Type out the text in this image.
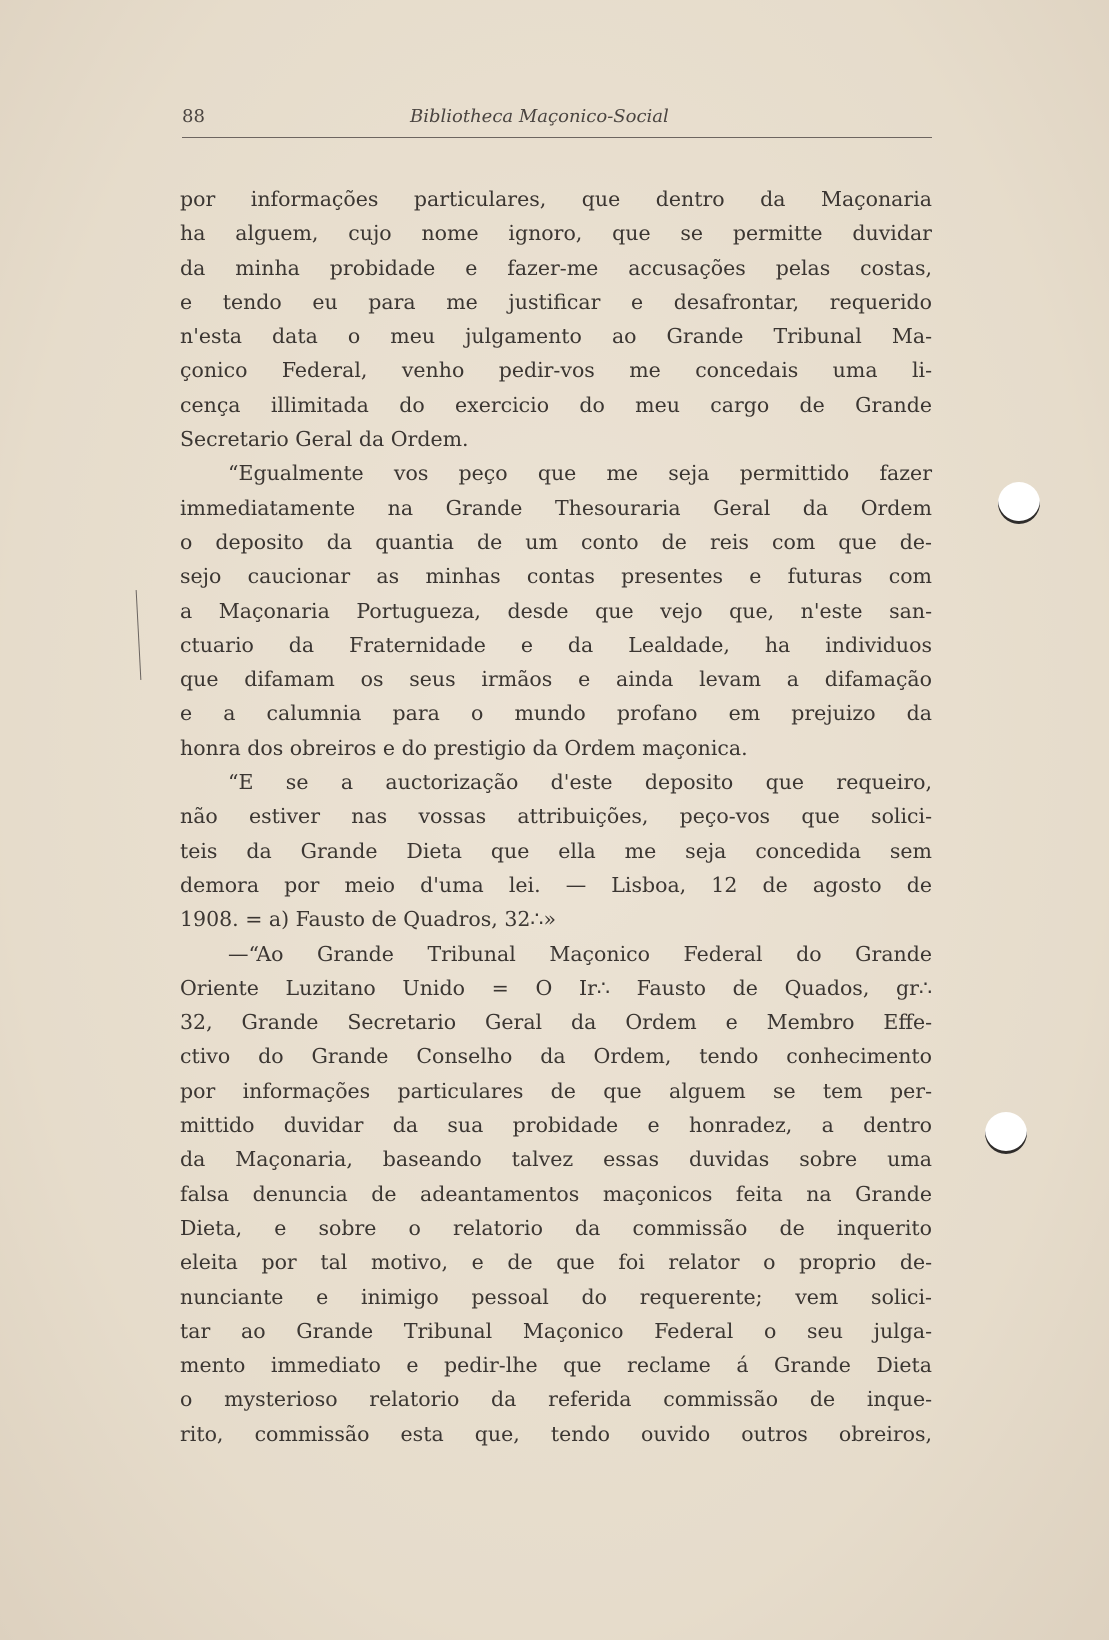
88	Bibliotheca Maçonico-Social
por informações particulares, que dentro da Maçonaria
ha alguem, cujo nome ignoro, que se permitte duvidar
da minha probidade e fazer-me accusações pelas costas,
e tendo eu para me justificar e desafrontar, requerido
n'esta data o meu julgamento ao Grande Tribunal Ma-
çonico Federal, venho pedir-vos me concedais uma li-
cença illimitada do exercicio do meu cargo de Grande
Secretario Geral da Ordem.
“Egualmente vos peço que me seja permittido fazer
immediatamente na Grande Thesouraria Geral da Ordem
o deposito da quantia de um conto de reis com que de-
sejo caucionar as minhas contas presentes e futuras com
a Maçonaria Portugueza, desde que vejo que, n'este san-
ctuario da Fraternidade e da Lealdade, ha individuos
que difamam os seus irmãos e ainda levam a difamação
e a calumnia para o mundo profano em prejuizo da
honra dos obreiros e do prestigio da Ordem maçonica.
“E se a auctorização d'este deposito que requeiro,
não estiver nas vossas attribuições, peço-vos que solici-
teis da Grande Dieta que ella me seja concedida sem
demora por meio d'uma lei. — Lisboa, 12 de agosto de
1908. = a) Fausto de Quadros, 32∴»
—“Ao Grande Tribunal Maçonico Federal do Grande
Oriente Luzitano Unido = O Ir∴ Fausto de Quados, gr∴
32, Grande Secretario Geral da Ordem e Membro Effe-
ctivo do Grande Conselho da Ordem, tendo conhecimento
por informações particulares de que alguem se tem per-
mittido duvidar da sua probidade e honradez, a dentro
da Maçonaria, baseando talvez essas duvidas sobre uma
falsa denuncia de adeantamentos maçonicos feita na Grande
Dieta, e sobre o relatorio da commissão de inquerito
eleita por tal motivo, e de que foi relator o proprio de-
nunciante e inimigo pessoal do requerente; vem solici-
tar ao Grande Tribunal Maçonico Federal o seu julga-
mento immediato e pedir-lhe que reclame á Grande Dieta
o mysterioso relatorio da referida commissão de inque-
rito, commissão esta que, tendo ouvido outros obreiros,
